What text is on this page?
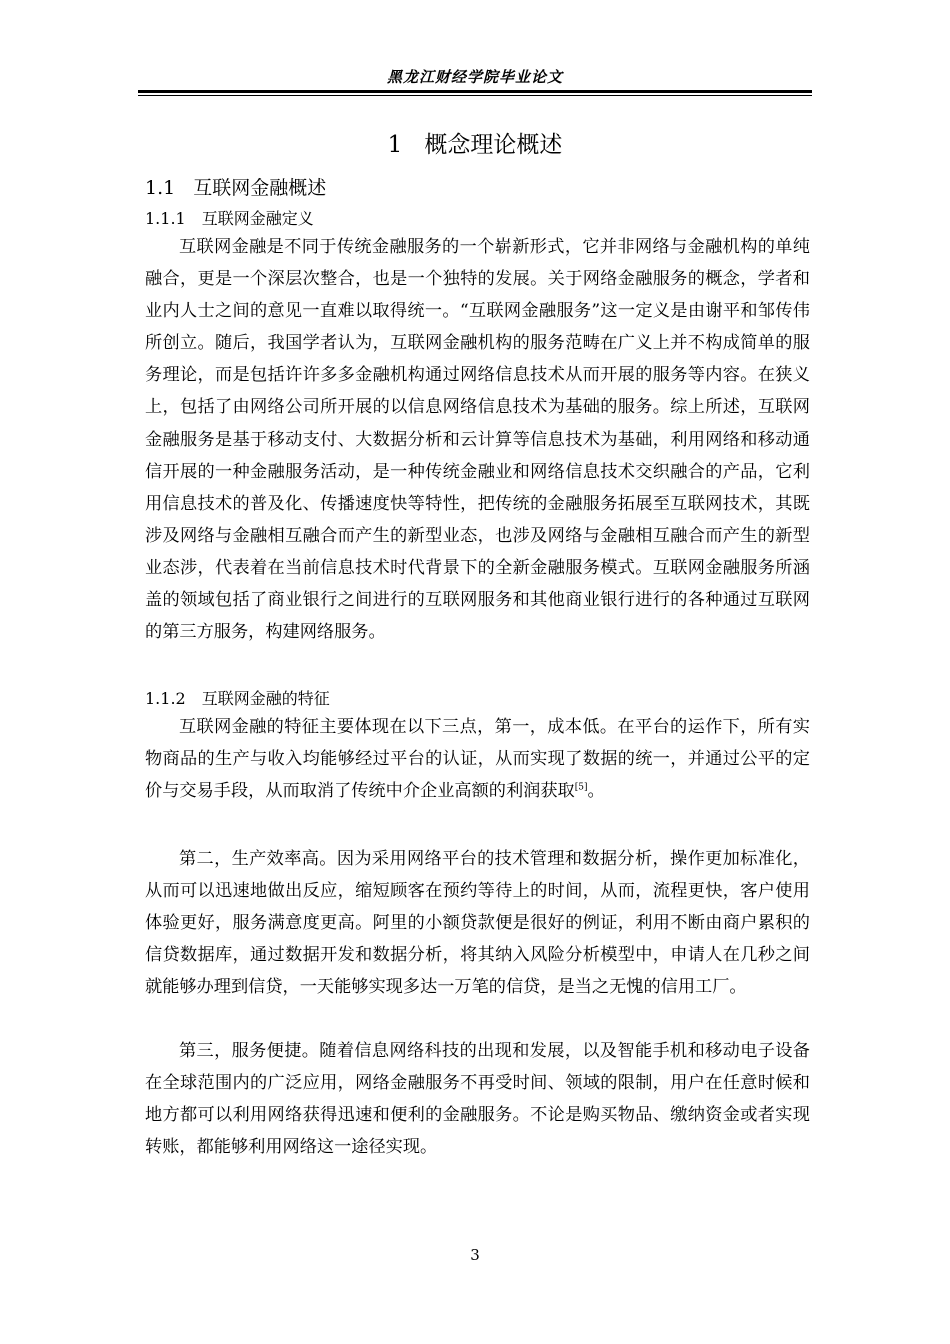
黑龙江财经学院毕业论文
1 概念理论概述
1.1 互联网金融概述
1.1.1 互联网金融定义

互联网金融是不同于传统金融服务的一个崭新形式，它并非网络与金融机构的单纯融合，更是一个深层次整合，也是一个独特的发展。关于网络金融服务的概念，学者和业内人士之间的意见一直难以取得统一。“互联网金融服务”这一定义是由谢平和邹传伟所创立。随后，我国学者认为，互联网金融机构的服务范畴在广义上并不构成简单的服务理论，而是包括许许多多金融机构通过网络信息技术从而开展的服务等内容。在狭义上，包括了由网络公司所开展的以信息网络信息技术为基础的服务。综上所述，互联网金融服务是基于移动支付、大数据分析和云计算等信息技术为基础，利用网络和移动通信开展的一种金融服务活动，是一种传统金融业和网络信息技术交织融合的产品，它利用信息技术的普及化、传播速度快等特性，把传统的金融服务拓展至互联网技术，其既涉及网络与金融相互融合而产生的新型业态，也涉及网络与金融相互融合而产生的新型业态涉，代表着在当前信息技术时代背景下的全新金融服务模式。互联网金融服务所涵盖的领域包括了商业银行之间进行的互联网服务和其他商业银行进行的各种通过互联网的第三方服务，构建网络服务。

1.1.2 互联网金融的特征

互联网金融的特征主要体现在以下三点，第一，成本低。在平台的运作下，所有实物商品的生产与收入均能够经过平台的认证，从而实现了数据的统一，并通过公平的定价与交易手段，从而取消了传统中介企业高额的利润获取[5]。

第二，生产效率高。因为采用网络平台的技术管理和数据分析，操作更加标准化，从而可以迅速地做出反应，缩短顾客在预约等待上的时间，从而，流程更快，客户使用体验更好，服务满意度更高。阿里的小额贷款便是很好的例证，利用不断由商户累积的信贷数据库，通过数据开发和数据分析，将其纳入风险分析模型中，申请人在几秒之间就能够办理到信贷，一天能够实现多达一万笔的信贷，是当之无愧的信用工厂。

第三，服务便捷。随着信息网络科技的出现和发展，以及智能手机和移动电子设备在全球范围内的广泛应用，网络金融服务不再受时间、领域的限制，用户在任意时候和地方都可以利用网络获得迅速和便利的金融服务。不论是购买物品、缴纳资金或者实现转账，都能够利用网络这一途径实现。

3
